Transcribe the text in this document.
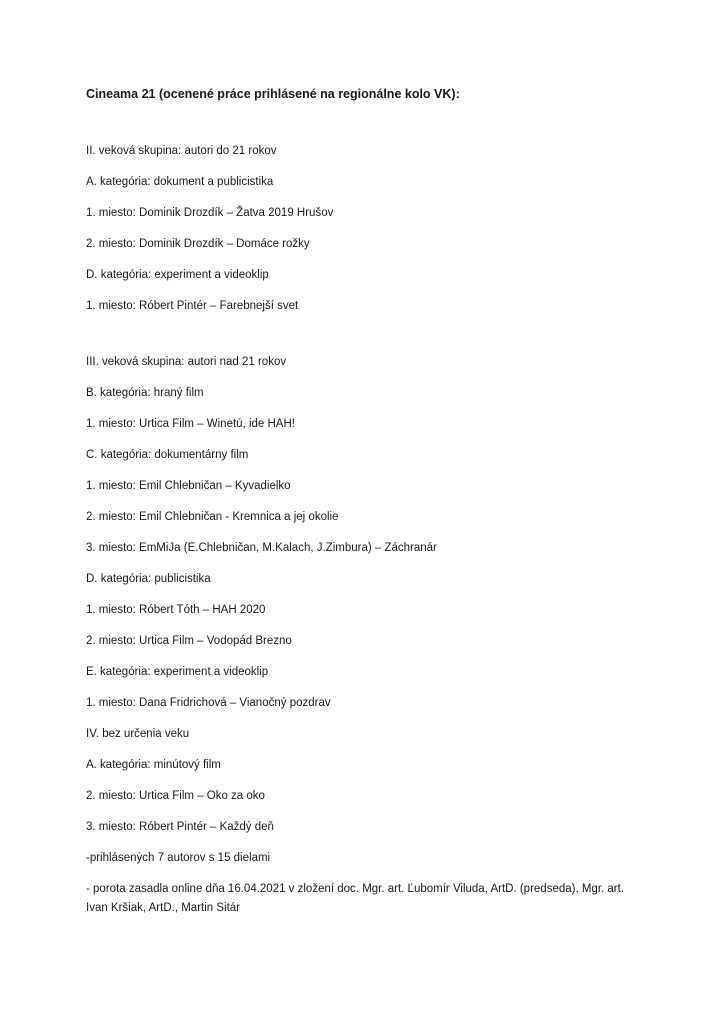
Cineama 21 (ocenené práce prihlásené na regionálne kolo VK):
II. veková skupina: autori do 21 rokov
A. kategória: dokument a publicistika
1. miesto: Dominik Drozdík – Žatva 2019 Hrušov
2. miesto: Dominik Drozdík – Domáce rožky
D. kategória: experiment a videoklip
1. miesto: Róbert Pintér – Farebnejší svet
III. veková skupina: autori nad 21 rokov
B. kategória: hraný film
1. miesto: Urtica Film – Winetú, ide HAH!
C. kategória: dokumentárny film
1. miesto: Emil Chlebničan – Kyvadielko
2. miesto: Emil Chlebničan - Kremnica a jej okolie
3. miesto: EmMiJa (E.Chlebničan, M.Kalach, J.Zimbura) – Záchranár
D. kategória: publicistika
1. miesto: Róbert Tóth – HAH 2020
2. miesto: Urtica Film – Vodopád Brezno
E. kategória: experiment a videoklip
1. miesto: Dana Fridrichová – Vianočný pozdrav
IV. bez určenia veku
A. kategória: minútový film
2. miesto: Urtica Film – Oko za oko
3. miesto: Róbert Pintér – Každý deň
-prihlásených 7 autorov s 15 dielami
- porota zasadla online dňa 16.04.2021 v zložení doc. Mgr. art. Ľubomír Viluda, ArtD. (predseda), Mgr. art. Ivan Kršiak, ArtD., Martin Sitár
